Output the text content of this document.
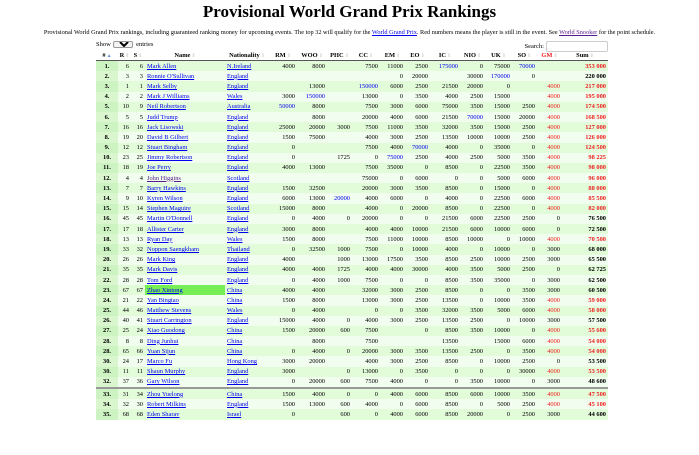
Provisional World Grand Prix Rankings

Provisional World Grand Prix rankings, including guaranteed ranking money for upcoming events. The top 32 will qualify for the World Grand Prix. Red numbers means the player is still in the event. See World Snooker for the point schedule.

Show
50	entries	Search:
#▲	R⇕	S⇕	Name⇕	Nationality⇕	RM⇕	WOO⇕	PHC⇕	CC⇕	EM⇕	EO⇕	IC⇕	NIO⇕	UK⇕	SO⇕	GM⇕	Sum⇕
1.	6	6	Mark Allen	N.Ireland	4000	8000		7500	11000	2500	175000	0	75000	70000		353 000
2.	3	3	Ronnie O'Sullivan	England					0	20000		30000	170000	0		220 000
3.	1	1	Mark Selby	England		13000		150000	6000	2500	21500	20000	0		4000	217 000
4.	2	2	Mark J Williams	Wales	3000	150000		13000	0	3500	4000	2500	15000		4000	195 000
5.	10	9	Neil Robertson	Australia	50000	8000		7500	3000	6000	75000	3500	15000	2500	4000	174 500
6.	5	5	Judd Trump	England		8000		20000	4000	6000	21500	70000	15000	20000	4000	168 500
7.	16	16	Jack Lisowski	England	25000	20000	3000	7500	11000	3500	32000	3500	15000	2500	4000	127 000
8.	19	20	David B Gilbert	England	1500	75000		4000	3000	2500	13500	10000	10000	2500	4000	126 000
9.	12	12	Stuart Bingham	England	0			7500	4000	70000	4000	0	35000	0	4000	124 500
10.	23	25	Jimmy Robertson	England	0		1725	0	75000	2500	4000	2500	5000	3500	4000	98 225
11.	18	19	Joe Perry	England	4000	13000		7500	35000	0	8500	0	22500	3500	4000	98 000
12.	4	4	John Higgins	Scotland				75000	0	6000	0	0	5000	6000	4000	96 000
13.	7	7	Barry Hawkins	England	1500	32500		20000	3000	3500	8500	0	15000	0	4000	88 000
14.	9	10	Kyren Wilson	England	6000	13000	20000	4000	6000	0	4000	0	22500	6000	4000	85 500
15.	15	14	Stephen Maguire	Scotland	15000	8000		4000	0	20000	8500	0	22500	0	4000	82 000
16.	45	45	Martin O'Donnell	England	0	4000	0	20000	0	0	21500	6000	22500	2500	0	76 500
17.	17	18	Allister Carter	England	3000	8000		4000	4000	10000	21500	6000	10000	6000	0	72 500
18.	13	13	Ryan Day	Wales	1500	8000		7500	11000	10000	8500	10000	0	10000	4000	70 500
19.	33	32	Noppon Saengkham	Thailand	0	32500	1000	7500	0	10000	4000	0	10000	0	3000	68 000
20.	26	26	Mark King	England	4000		1000	13000	17500	3500	8500	2500	10000	2500	3000	65 500
21.	35	35	Mark Davis	England	4000	4000	1725	4000	4000	30000	4000	3500	5000	2500	0	62 725
22.	28	28	Tom Ford	England	0	4000	1000	7500	0	0	8500	3500	35000	0	3000	62 500
23.	67	67	Zhao Xintong	China	4000	4000		32000	3000	2500	8500	0	0	3500	3000	60 500
24.	21	22	Yan Bingtao	China	1500	8000		13000	3000	2500	13500	0	10000	3500	4000	59 000
25.	44	46	Matthew Stevens	Wales	0	4000		0	0	3500	32000	3500	5000	6000	4000	58 000
26.	40	41	Stuart Carrington	England	15000	4000	0	4000	3000	2500	13500	2500	0	10000	3000	57 500
27.	25	24	Xiao Guodong	China	1500	20000	600	7500		0	8500	3500	10000	0	4000	55 600
28.	8	8	Ding Junhui	China		8000		7500			13500		15000	6000	4000	54 000
28.	65	66	Yuan Sijun	China	0	4000	0	20000	3000	3500	13500	2500	0	3500	4000	54 000
30.	24	17	Marco Fu	Hong Kong	3000	20000		4000	3000	2500	8500	0	10000	2500	0	53 500
30.	11	11	Shaun Murphy	England	3000		0	13000	0	3500	0	0	0	30000	4000	53 500
32.	37	36	Gary Wilson	England	0	20000	600	7500	4000	0	0	3500	10000	0	3000	48 600
33.	31	34	Zhou Yuelong	China	1500	4000	0	0	4000	6000	8500	6000	10000	3500	4000	47 500
34.	32	30	Robert Milkins	England	1500	13000	600	4000	0	6000	8500	0	5000	2500	4000	45 100
35.	68	68	Eden Sharav	Israel	0		600	0	4000	6000	8500	20000	0	2500	3000	44 600
